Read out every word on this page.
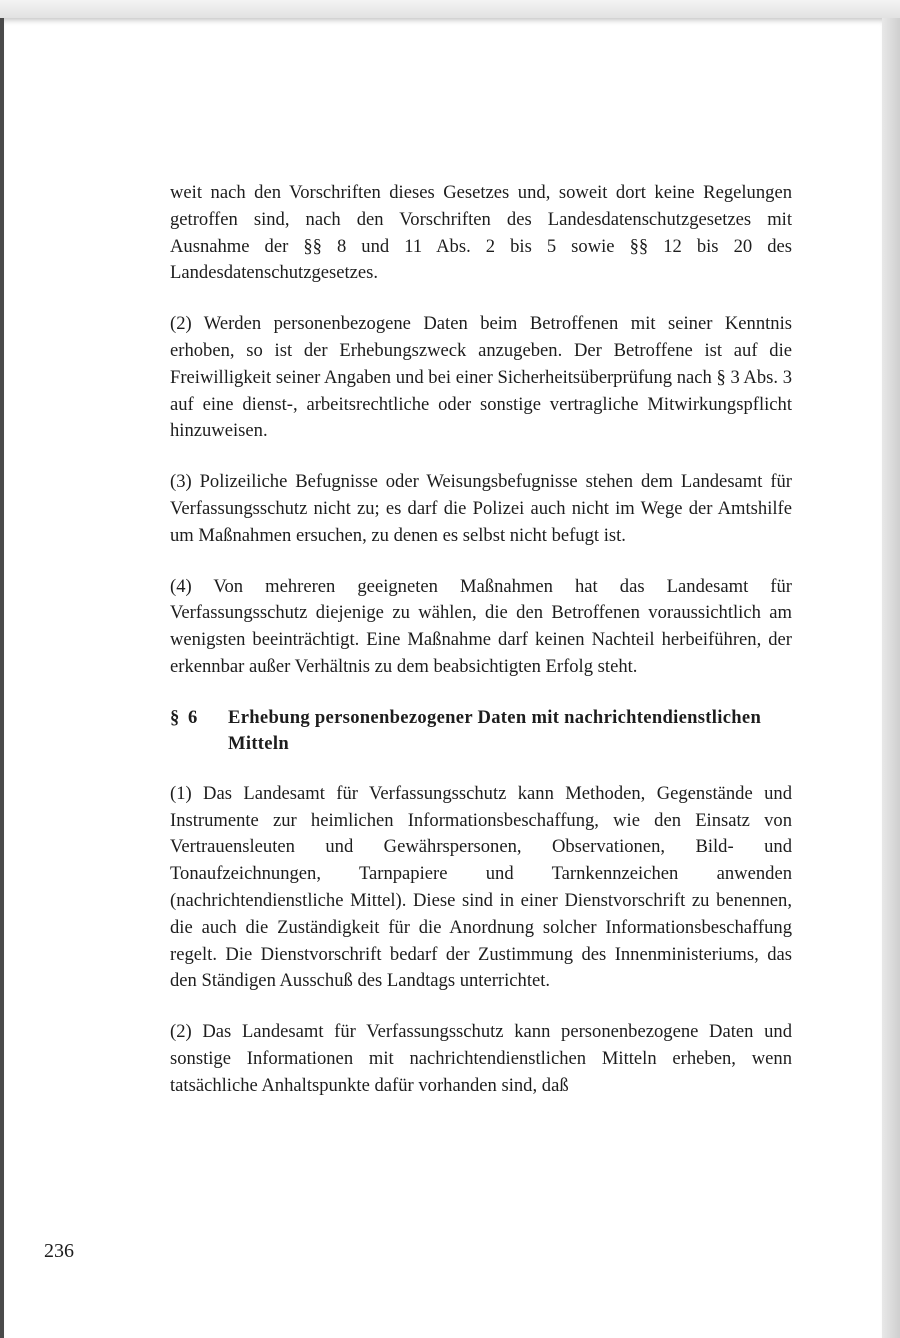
weit nach den Vorschriften dieses Gesetzes und, soweit dort keine Regelungen getroffen sind, nach den Vorschriften des Landesdatenschutzgesetzes mit Ausnahme der §§ 8 und 11 Abs. 2 bis 5 sowie §§ 12 bis 20 des Landesdatenschutzgesetzes.

(2) Werden personenbezogene Daten beim Betroffenen mit seiner Kenntnis erhoben, so ist der Erhebungszweck anzugeben. Der Betroffene ist auf die Freiwilligkeit seiner Angaben und bei einer Sicherheitsüberprüfung nach § 3 Abs. 3 auf eine dienst-, arbeitsrechtliche oder sonstige vertragliche Mitwirkungspflicht hinzuweisen.

(3) Polizeiliche Befugnisse oder Weisungsbefugnisse stehen dem Landesamt für Verfassungsschutz nicht zu; es darf die Polizei auch nicht im Wege der Amtshilfe um Maßnahmen ersuchen, zu denen es selbst nicht befugt ist.

(4) Von mehreren geeigneten Maßnahmen hat das Landesamt für Verfassungsschutz diejenige zu wählen, die den Betroffenen voraussichtlich am wenigsten beeinträchtigt. Eine Maßnahme darf keinen Nachteil herbeiführen, der erkennbar außer Verhältnis zu dem beabsichtigten Erfolg steht.

§ 6	Erhebung personenbezogener Daten mit nachrichtendienstlichen Mitteln

(1) Das Landesamt für Verfassungsschutz kann Methoden, Gegenstände und Instrumente zur heimlichen Informationsbeschaffung, wie den Einsatz von Vertrauensleuten und Gewährspersonen, Observationen, Bild- und Tonaufzeichnungen, Tarnpapiere und Tarnkennzeichen anwenden (nachrichtendienstliche Mittel). Diese sind in einer Dienstvorschrift zu benennen, die auch die Zuständigkeit für die Anordnung solcher Informationsbeschaffung regelt. Die Dienstvorschrift bedarf der Zustimmung des Innenministeriums, das den Ständigen Ausschuß des Landtags unterrichtet.

(2) Das Landesamt für Verfassungsschutz kann personenbezogene Daten und sonstige Informationen mit nachrichtendienstlichen Mitteln erheben, wenn tatsächliche Anhaltspunkte dafür vorhanden sind, daß

236
